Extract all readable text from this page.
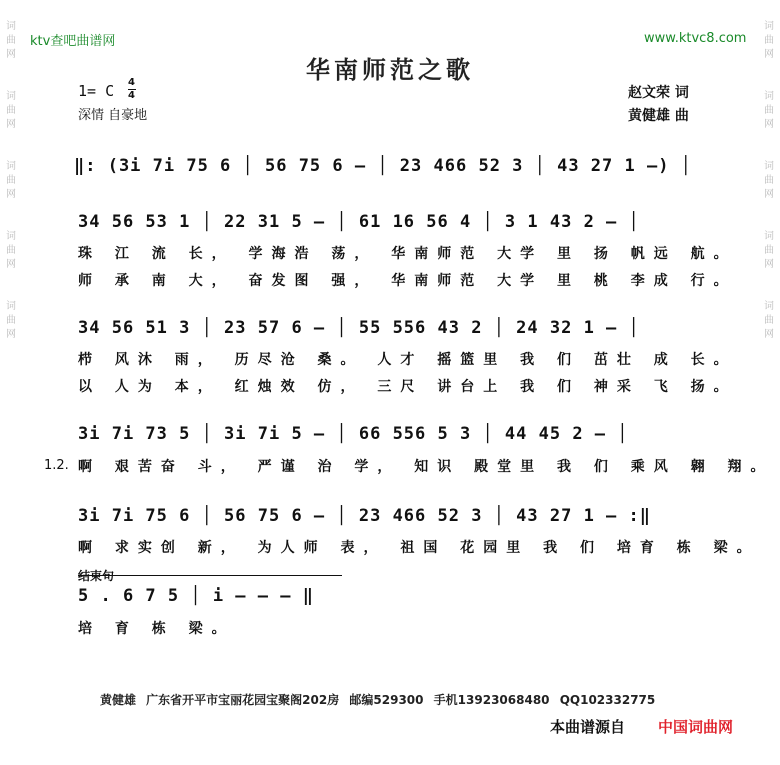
词
曲
网
词
曲
网
词
曲
网
词
曲
网
词
曲
网
词
曲
网
词
曲
网
词
曲
网
词
曲
网
词
曲
网
ktv查吧曲谱网	www.ktvc8.com
华南师范之歌
1= C 4
4
深情 自豪地
赵文荣 词
黄健雄 曲
‖: (3i 7i 75 6 │ 56 75 6 – │ 23 466 52 3 │ 43 27 1 –) │
34 56 53 1 │ 22 31 5 – │ 61 16 56 4 │ 3 1 43 2 – │
珠 江 流 长， 学海浩 荡， 华南师范 大学 里 扬 帆远 航。
师 承 南 大， 奋发图 强， 华南师范 大学 里 桃 李成 行。
34 56 51 3 │ 23 57 6 – │ 55 556 43 2 │ 24 32 1 – │
栉 风沐 雨， 历尽沧 桑。 人才 摇篮里 我 们 茁壮 成 长。
以 人为 本， 红烛效 仿， 三尺 讲台上 我 们 神采 飞 扬。
1.2.
3i 7i 73 5 │ 3i 7i 5 – │ 66 556 5 3 │ 44 45 2 – │
啊 艰苦奋 斗， 严谨 治 学， 知识 殿堂里 我 们 乘风 翱 翔。
3i 7i 75 6 │ 56 75 6 – │ 23 466 52 3 │ 43 27 1 – :‖
啊 求实创 新， 为人师 表， 祖国 花园里 我 们 培育 栋 梁。
结束句
5 . 6 7 5 │ i – – – ‖
培 育 栋 梁。
黄健雄 广东省开平市宝丽花园宝聚阁202房 邮编529300 手机13923068480 QQ102332775
本曲谱源自 中国词曲网
